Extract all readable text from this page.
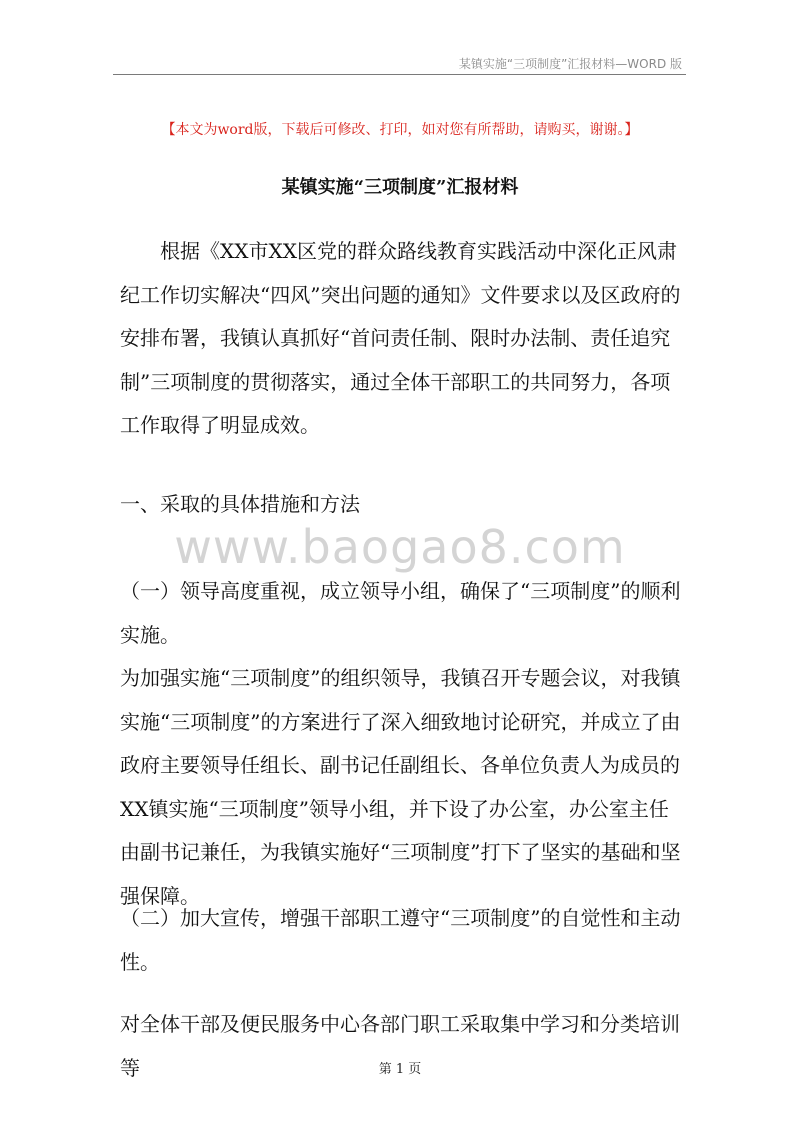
某镇实施“三项制度”汇报材料—WORD 版
【本文为word版，下载后可修改、打印，如对您有所帮助，请购买，谢谢。】
某镇实施“三项制度”汇报材料

根据《XX市XX区党的群众路线教育实践活动中深化正风肃纪工作切实解决“四风”突出问题的通知》文件要求以及区政府的安排布署，我镇认真抓好“首问责任制、限时办法制、责任追究制”三项制度的贯彻落实，通过全体干部职工的共同努力，各项工作取得了明显成效。

一、采取的具体措施和方法

www.baogao8.com

（一）领导高度重视，成立领导小组，确保了“三项制度”的顺利实施。

为加强实施“三项制度”的组织领导，我镇召开专题会议，对我镇实施“三项制度”的方案进行了深入细致地讨论研究，并成立了由政府主要领导任组长、副书记任副组长、各单位负责人为成员的XX镇实施“三项制度”领导小组，并下设了办公室，办公室主任由副书记兼任，为我镇实施好“三项制度”打下了坚实的基础和坚强保障。

（二）加大宣传，增强干部职工遵守“三项制度”的自觉性和主动性。

对全体干部及便民服务中心各部门职工采取集中学习和分类培训等	第 1 页
